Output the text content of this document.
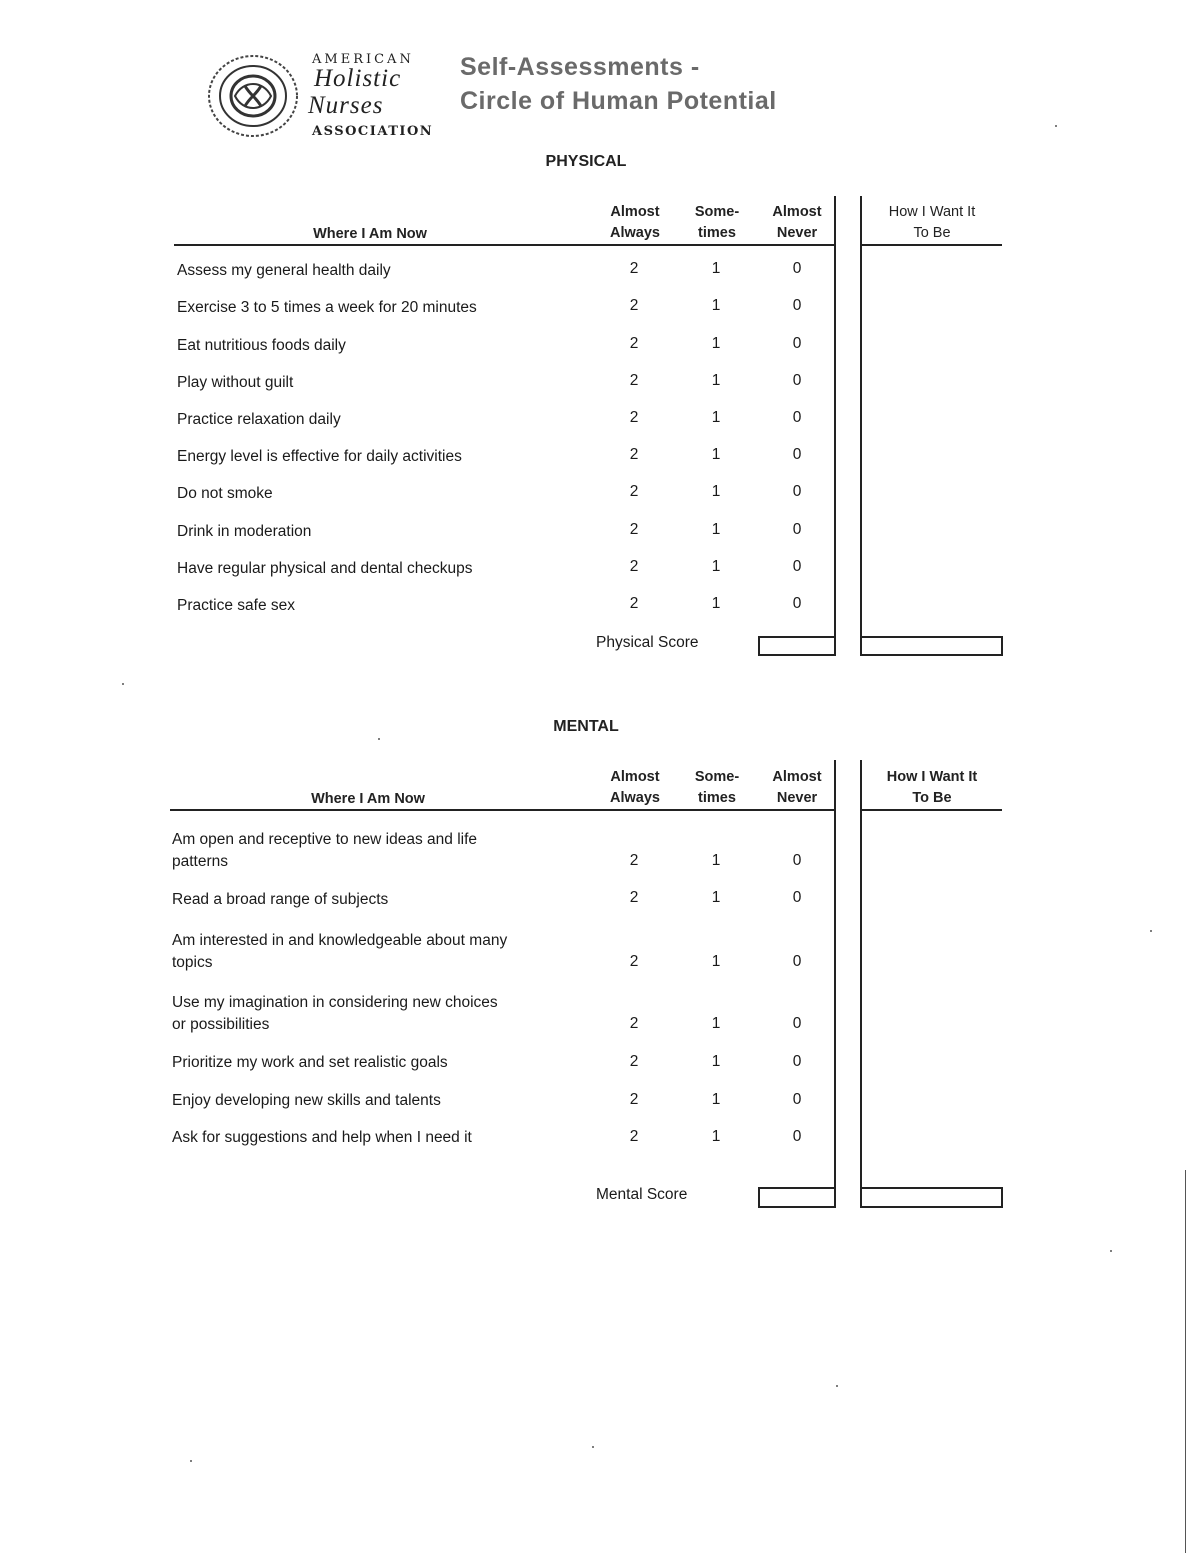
AMERICAN
Holistic
Nurses
ASSOCIATION
Self-Assessments -
Circle of Human Potential
PHYSICAL
Where I Am Now
Almost
Always
Some-
times
Almost
Never
How I Want It
To Be
Assess my general health daily	2	1	0
Exercise 3 to 5 times a week for 20 minutes	2	1	0
Eat nutritious foods daily	2	1	0
Play without guilt	2	1	0
Practice relaxation daily	2	1	0
Energy level is effective for daily activities	2	1	0
Do not smoke	2	1	0
Drink in moderation	2	1	0
Have regular physical and dental checkups	2	1	0
Practice safe sex	2	1	0
Physical Score
MENTAL
Where I Am Now
Almost
Always
Some-
times
Almost
Never
How I Want It
To Be
Am open and receptive to new ideas and life
patterns	2	1	0
Read a broad range of subjects	2	1	0
Am interested in and knowledgeable about many
topics	2	1	0
Use my imagination in considering new choices
or possibilities	2	1	0
Prioritize my work and set realistic goals	2	1	0
Enjoy developing new skills and talents	2	1	0
Ask for suggestions and help when I need it	2	1	0
Mental Score
